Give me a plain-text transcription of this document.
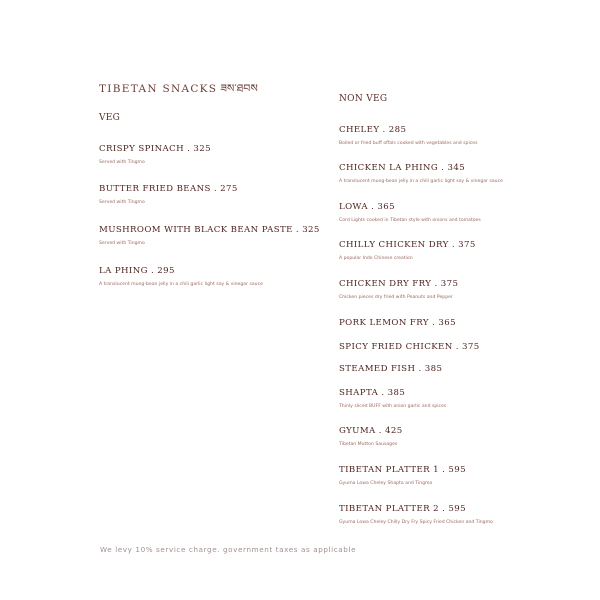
TIBETAN SNACKS ཟས་ཐབས
VEG
CRISPY SPINACH . 325
Served with Tingmo
BUTTER FRIED BEANS . 275
Served with Tingmo
MUSHROOM WITH BLACK BEAN PASTE . 325
Served with Tingmo
LA PHING . 295
A translucent mung-bean jelly in a chili garlic light soy & vinegar sauce
NON VEG
CHELEY . 285
Boiled or fried buff offals cooked with vegetables and spices
CHICKEN LA PHING . 345
A translucent mung-bean jelly in a chili garlic light soy & vinegar sauce
LOWA . 365
Cord Lights cooked in Tibetan style with onions and tomatoes
CHILLY CHICKEN DRY . 375
A popular Indo Chinese creation
CHICKEN DRY FRY . 375
Chicken pieces dry fried with Peanuts and Pepper
PORK LEMON FRY . 365
SPICY FRIED CHICKEN . 375
STEAMED FISH . 385
SHAPTA . 385
Thinly sliced BUFF with onion garlic and spices
GYUMA . 425
Tibetan Mutton Sausages
TIBETAN PLATTER 1 . 595
Gyuma Lowa Cheley Shapta and Tingmo
TIBETAN PLATTER 2 . 595
Gyuma Lowa Cheley Chilly Dry Fry Spicy Fried Chicken and Tingmo
We levy 10% service charge. government taxes as applicable
